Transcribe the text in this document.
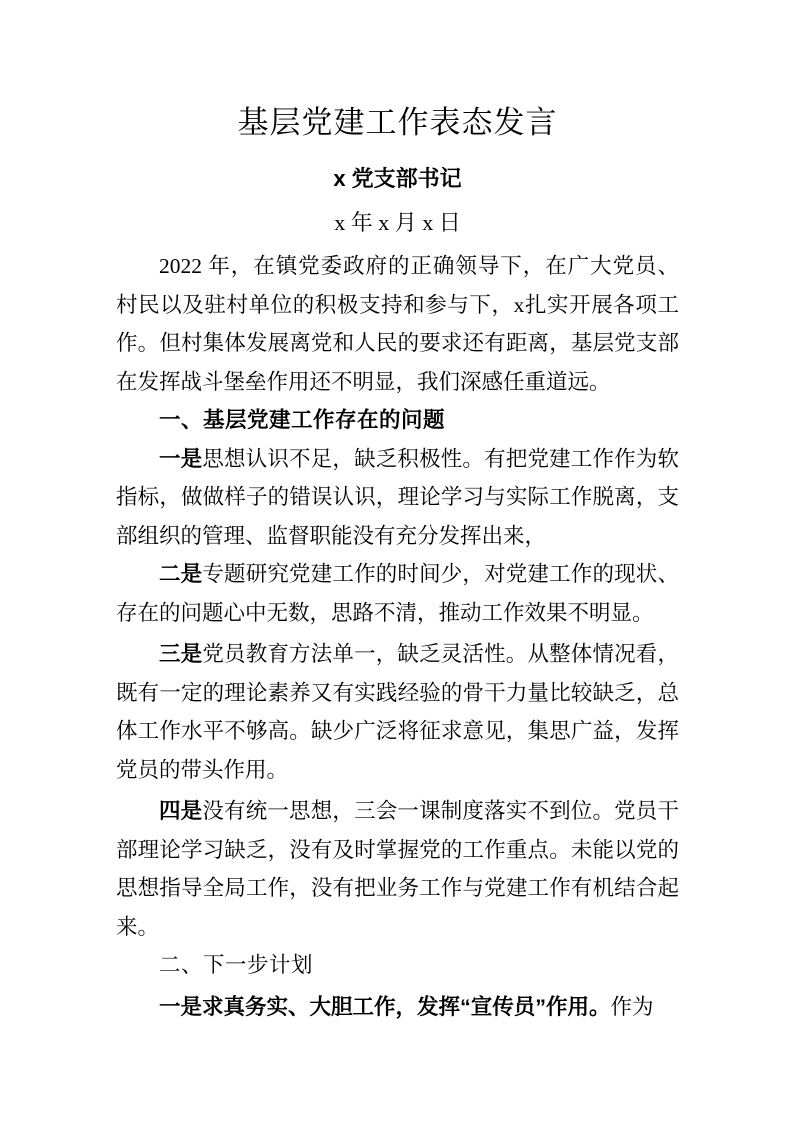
基层党建工作表态发言
x 党支部书记
x 年 x 月 x 日

2022 年，在镇党委政府的正确领导下，在广大党员、村民以及驻村单位的积极支持和参与下，x扎实开展各项工作。但村集体发展离党和人民的要求还有距离，基层党支部在发挥战斗堡垒作用还不明显，我们深感任重道远。

一、基层党建工作存在的问题

一是思想认识不足，缺乏积极性。有把党建工作作为软指标，做做样子的错误认识，理论学习与实际工作脱离，支部组织的管理、监督职能没有充分发挥出来，

二是专题研究党建工作的时间少，对党建工作的现状、存在的问题心中无数，思路不清，推动工作效果不明显。

三是党员教育方法单一，缺乏灵活性。从整体情况看，既有一定的理论素养又有实践经验的骨干力量比较缺乏，总体工作水平不够高。缺少广泛将征求意见，集思广益，发挥党员的带头作用。

四是没有统一思想，三会一课制度落实不到位。党员干部理论学习缺乏，没有及时掌握党的工作重点。未能以党的思想指导全局工作，没有把业务工作与党建工作有机结合起来。

二、下一步计划

一是求真务实、大胆工作，发挥“宣传员”作用。作为
